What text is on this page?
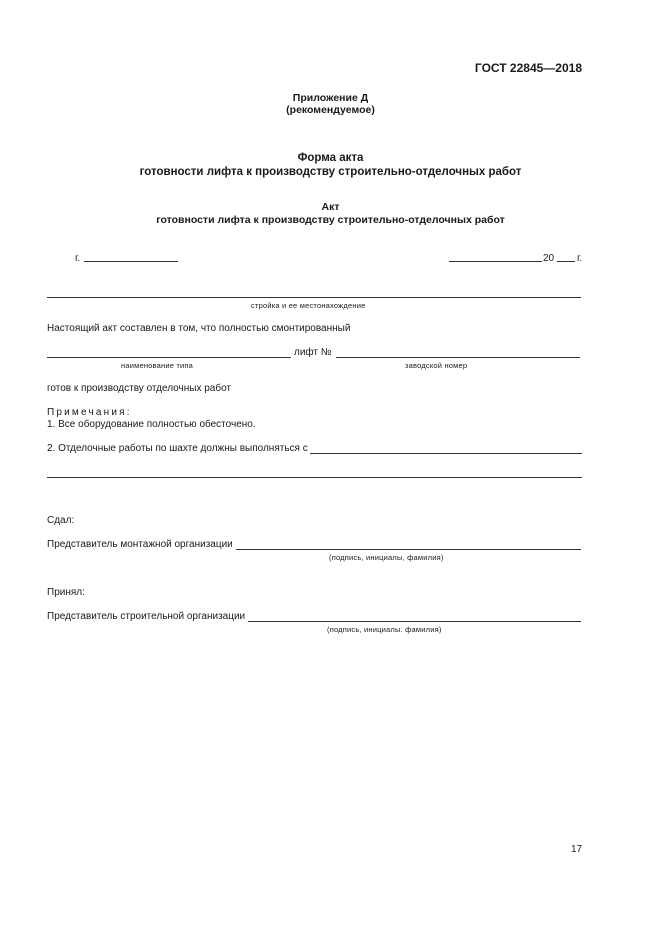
ГОСТ 22845—2018
Приложение Д
(рекомендуемое)
Форма акта
готовности лифта к производству строительно-отделочных работ
Акт
готовности лифта к производству строительно-отделочных работ
г.	20 г.
стройка и ее местонахождение
Настоящий акт составлен в том, что полностью смонтированный
лифт №
наименование типа	заводской номер
готов к производству отделочных работ
Примечания:
1. Все оборудование полностью обесточено.
2. Отделочные работы по шахте должны выполняться с
Сдал:
Представитель монтажной организации
(подпись, инициалы, фамилия)
Принял:
Представитель строительной организации
(подпись, инициалы. фамилия)
17
